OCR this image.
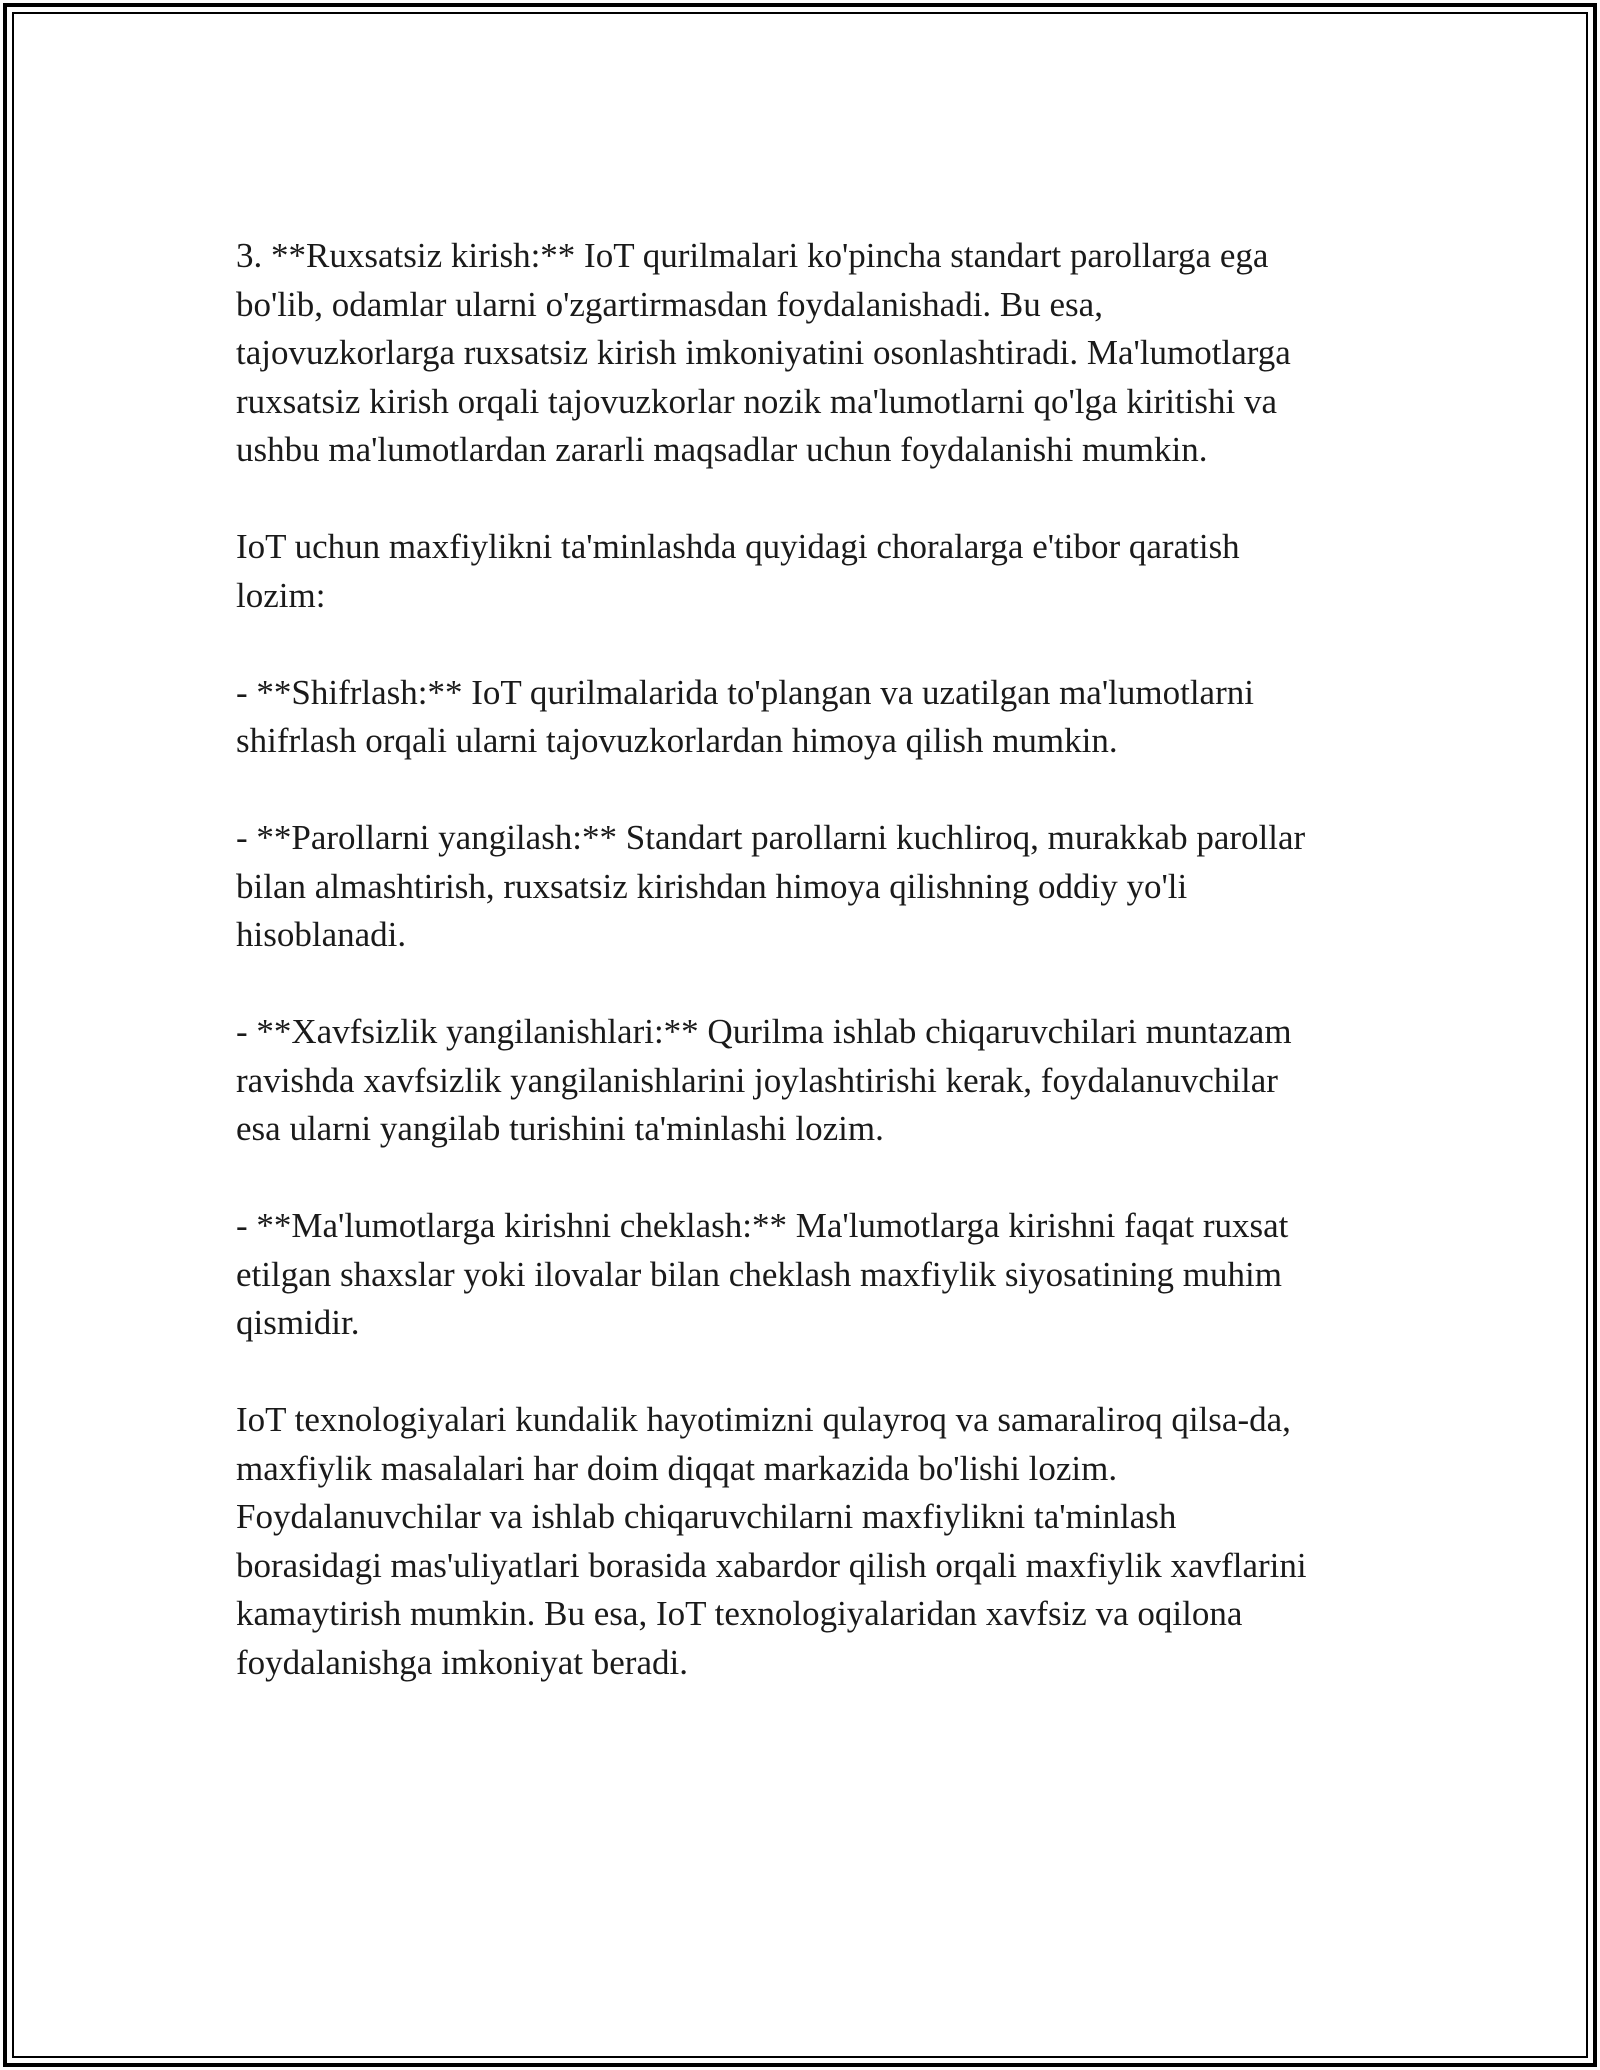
3. **Ruxsatsiz kirish:** IoT qurilmalari ko'pincha standart parollarga ega
bo'lib, odamlar ularni o'zgartirmasdan foydalanishadi. Bu esa,
tajovuzkorlarga ruxsatsiz kirish imkoniyatini osonlashtiradi. Ma'lumotlarga
ruxsatsiz kirish orqali tajovuzkorlar nozik ma'lumotlarni qo'lga kiritishi va
ushbu ma'lumotlardan zararli maqsadlar uchun foydalanishi mumkin.

IoT uchun maxfiylikni ta'minlashda quyidagi choralarga e'tibor qaratish
lozim:

- **Shifrlash:** IoT qurilmalarida to'plangan va uzatilgan ma'lumotlarni
shifrlash orqali ularni tajovuzkorlardan himoya qilish mumkin.

- **Parollarni yangilash:** Standart parollarni kuchliroq, murakkab parollar
bilan almashtirish, ruxsatsiz kirishdan himoya qilishning oddiy yo'li
hisoblanadi.

- **Xavfsizlik yangilanishlari:** Qurilma ishlab chiqaruvchilari muntazam
ravishda xavfsizlik yangilanishlarini joylashtirishi kerak, foydalanuvchilar
esa ularni yangilab turishini ta'minlashi lozim.

- **Ma'lumotlarga kirishni cheklash:** Ma'lumotlarga kirishni faqat ruxsat
etilgan shaxslar yoki ilovalar bilan cheklash maxfiylik siyosatining muhim
qismidir.

IoT texnologiyalari kundalik hayotimizni qulayroq va samaraliroq qilsa-da,
maxfiylik masalalari har doim diqqat markazida bo'lishi lozim.
Foydalanuvchilar va ishlab chiqaruvchilarni maxfiylikni ta'minlash
borasidagi mas'uliyatlari borasida xabardor qilish orqali maxfiylik xavflarini
kamaytirish mumkin. Bu esa, IoT texnologiyalaridan xavfsiz va oqilona
foydalanishga imkoniyat beradi.
